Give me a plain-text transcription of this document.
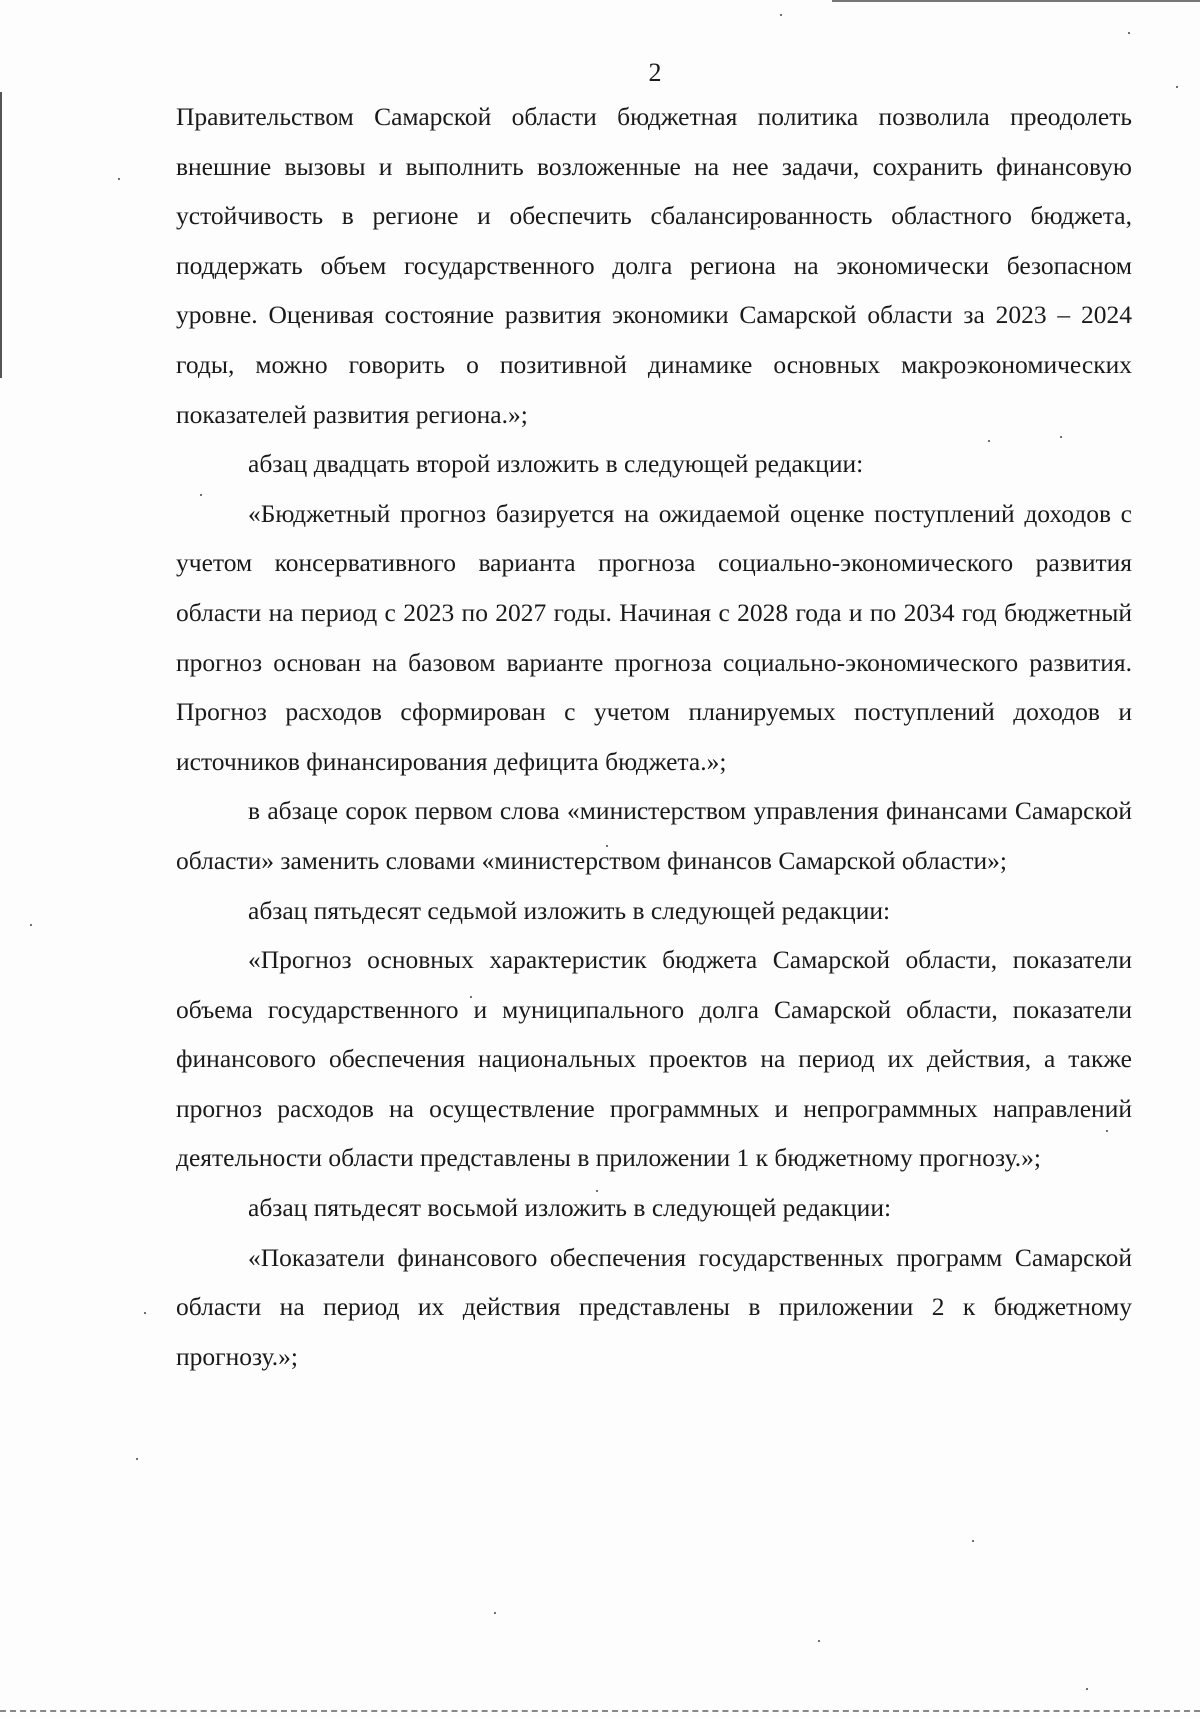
2

Правительством Самарской области бюджетная политика позволила преодолеть внешние вызовы и выполнить возложенные на нее задачи, сохранить финансовую устойчивость в регионе и обеспечить сбалансированность областного бюджета, поддержать объем государственного долга региона на экономически безопасном уровне. Оценивая состояние развития экономики Самарской области за 2023 – 2024 годы, можно говорить о позитивной динамике основных макроэкономических показателей развития региона.»;

абзац двадцать второй изложить в следующей редакции:

«Бюджетный прогноз базируется на ожидаемой оценке поступлений доходов с учетом консервативного варианта прогноза социально-экономического развития области на период с 2023 по 2027 годы. Начиная с 2028 года и по 2034 год бюджетный прогноз основан на базовом варианте прогноза социально-экономического развития. Прогноз расходов сформирован с учетом планируемых поступлений доходов и источников финансирования дефицита бюджета.»;

в абзаце сорок первом слова «министерством управления финансами Самарской области» заменить словами «министерством финансов Самарской области»;

абзац пятьдесят седьмой изложить в следующей редакции:

«Прогноз основных характеристик бюджета Самарской области, показатели объема государственного и муниципального долга Самарской области, показатели финансового обеспечения национальных проектов на период их действия, а также прогноз расходов на осуществление программных и непрограммных направлений деятельности области представлены в приложении 1 к бюджетному прогнозу.»;

абзац пятьдесят восьмой изложить в следующей редакции:

«Показатели финансового обеспечения государственных программ Самарской области на период их действия представлены в приложении 2 к бюджетному прогнозу.»;
